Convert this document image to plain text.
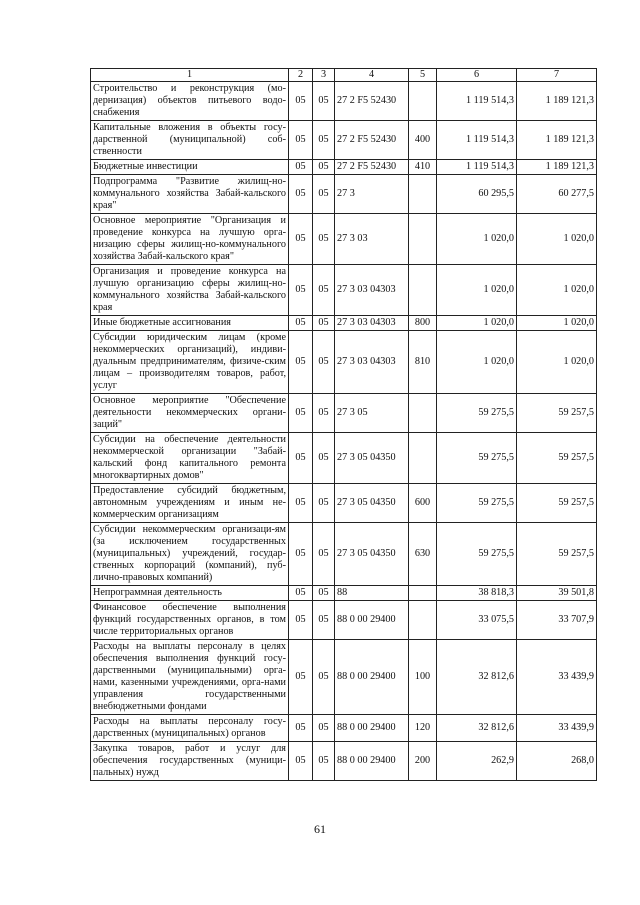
1	2	3	4	5	6	7
Строительство и реконструкция (мо-дернизация) объектов питьевого водо-снабжения	05	05	27 2 F5 52430		1 119 514,3	1 189 121,3
Капитальные вложения в объекты госу-дарственной (муниципальной) соб-ственности	05	05	27 2 F5 52430	400	1 119 514,3	1 189 121,3
Бюджетные инвестиции	05	05	27 2 F5 52430	410	1 119 514,3	1 189 121,3
Подпрограмма "Развитие жилищ-но-коммунального хозяйства Забай-кальского края"	05	05	27 3		60 295,5	60 277,5
Основное мероприятие "Организация и проведение конкурса на лучшую орга-низацию сферы жилищ-но-коммунального хозяйства Забай-кальского края"	05	05	27 3 03		1 020,0	1 020,0
Организация и проведение конкурса на лучшую организацию сферы жилищ-но-коммунального хозяйства Забай-кальского края	05	05	27 3 03 04303		1 020,0	1 020,0
Иные бюджетные ассигнования	05	05	27 3 03 04303	800	1 020,0	1 020,0
Субсидии юридическим лицам (кроме некоммерческих организаций), индиви-дуальным предпринимателям, физиче-ским лицам – производителям товаров, работ, услуг	05	05	27 3 03 04303	810	1 020,0	1 020,0
Основное мероприятие "Обеспечение деятельности некоммерческих органи-заций"	05	05	27 3 05		59 275,5	59 257,5
Субсидии на обеспечение деятельности некоммерческой организации "Забай-кальский фонд капитального ремонта многоквартирных домов"	05	05	27 3 05 04350		59 275,5	59 257,5
Предоставление субсидий бюджетным, автономным учреждениям и иным не-коммерческим организациям	05	05	27 3 05 04350	600	59 275,5	59 257,5
Субсидии некоммерческим организаци-ям (за исключением государственных (муниципальных) учреждений, государ-ственных корпораций (компаний), пуб-лично-правовых компаний)	05	05	27 3 05 04350	630	59 275,5	59 257,5
Непрограммная деятельность	05	05	88		38 818,3	39 501,8
Финансовое обеспечение выполнения функций государственных органов, в том числе территориальных органов	05	05	88 0 00 29400		33 075,5	33 707,9
Расходы на выплаты персоналу в целях обеспечения выполнения функций госу-дарственными (муниципальными) орга-нами, казенными учреждениями, орга-нами управления государственными внебюджетными фондами	05	05	88 0 00 29400	100	32 812,6	33 439,9
Расходы на выплаты персоналу госу-дарственных (муниципальных) органов	05	05	88 0 00 29400	120	32 812,6	33 439,9
Закупка товаров, работ и услуг для обеспечения государственных (муници-пальных) нужд	05	05	88 0 00 29400	200	262,9	268,0
61
